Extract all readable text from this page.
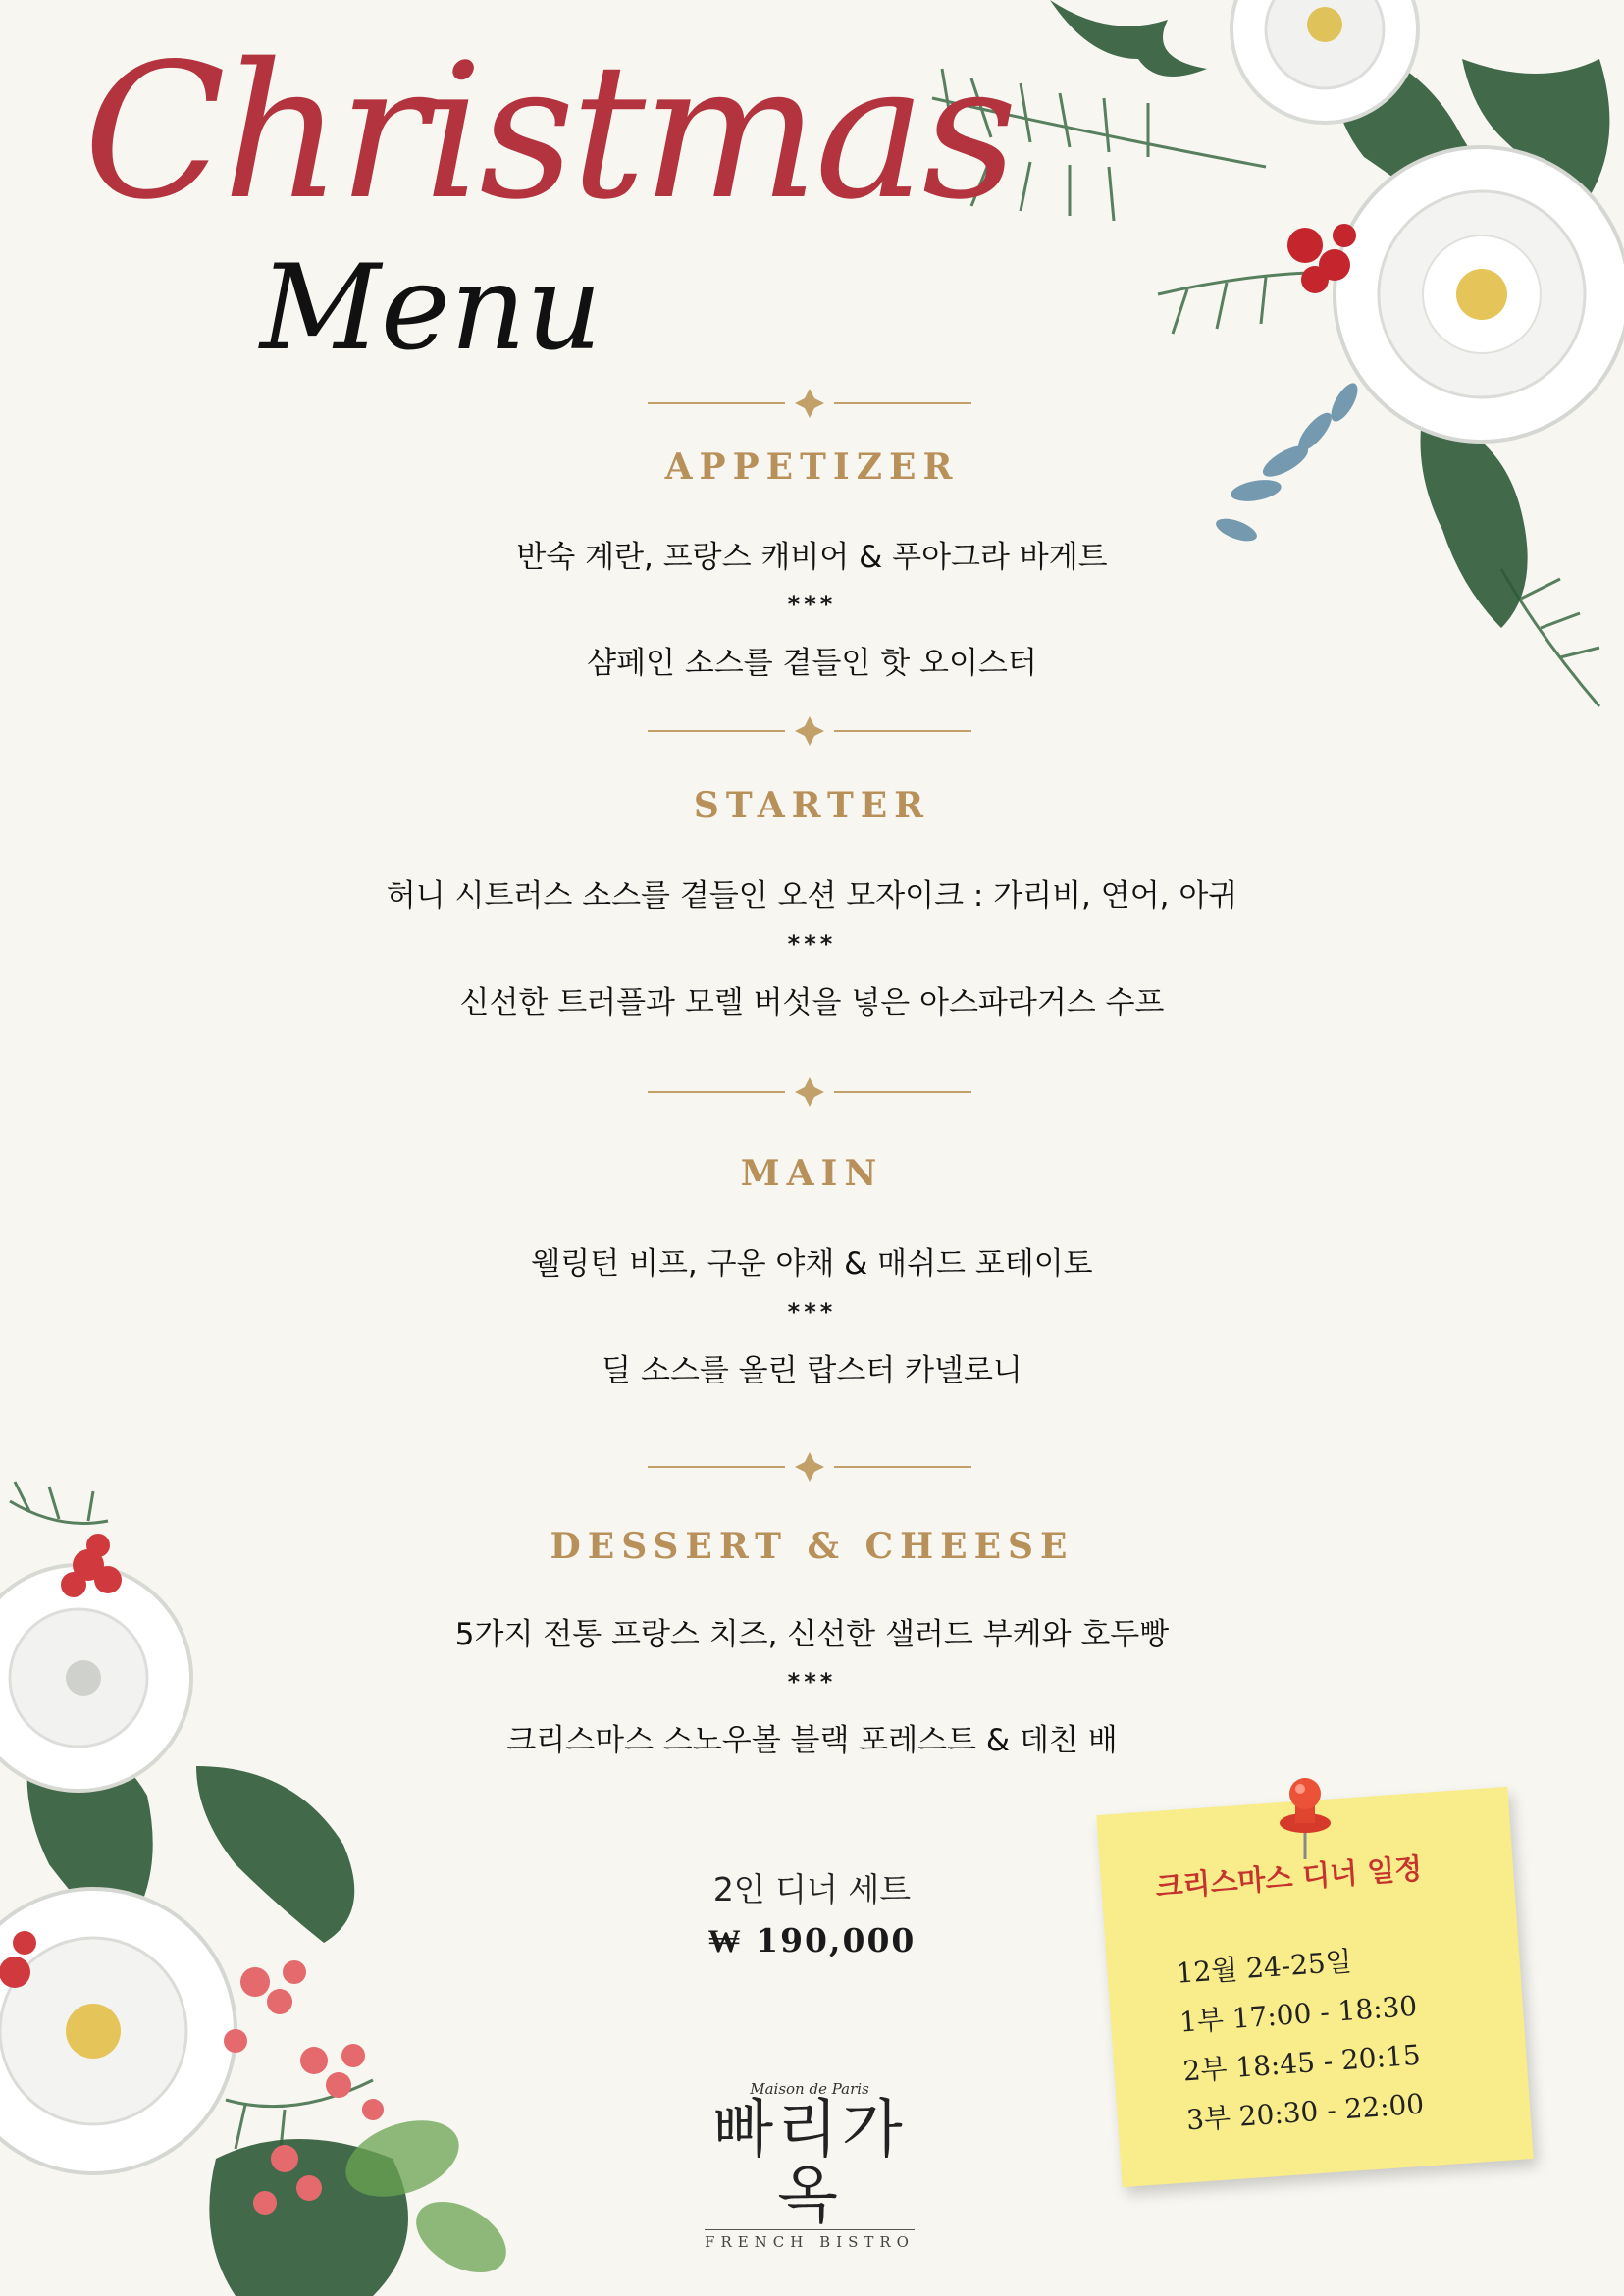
Christmas
Menu
APPETIZER
반숙 계란, 프랑스 캐비어 & 푸아그라 바게트
***
샴페인 소스를 곁들인 핫 오이스터
STARTER
허니 시트러스 소스를 곁들인 오션 모자이크 : 가리비, 연어, 아귀
***
신선한 트러플과 모렐 버섯을 넣은 아스파라거스 수프
MAIN
웰링턴 비프, 구운 야채 & 매쉬드 포테이토
***
딜 소스를 올린 랍스터 카넬로니
DESSERT & CHEESE
5가지 전통 프랑스 치즈, 신선한 샐러드 부케와 호두빵
***
크리스마스 스노우볼 블랙 포레스트 & 데친 배
2인 디너 세트
₩ 190,000
Maison de Paris
빠리가옥
FRENCH BISTRO
크리스마스 디너 일정
12월 24-25일
1부 17:00 - 18:30
2부 18:45 - 20:15
3부 20:30 - 22:00
